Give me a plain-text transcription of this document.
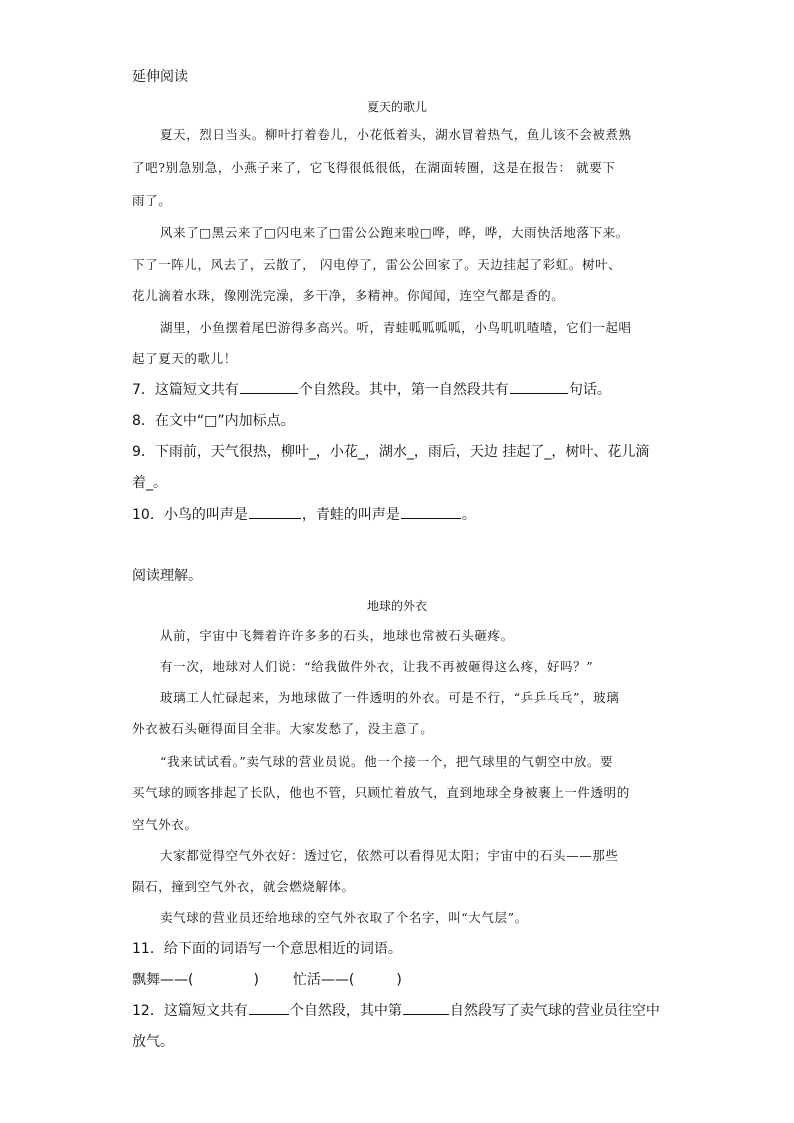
延伸阅读
夏天的歌儿
夏天，烈日当头。柳叶打着卷儿，小花低着头，湖水冒着热气，鱼儿该不会被煮熟
了吧?别急别急，小燕子来了，它飞得很低很低，在湖面转圈，这是在报告： 就要下
雨了。
风来了□黑云来了□闪电来了□雷公公跑来啦□哗，哗，哗，大雨快活地落下来。
下了一阵儿，风去了，云散了， 闪电停了，雷公公回家了。天边挂起了彩虹。树叶、
花儿滴着水珠，像刚洗完澡，多干净，多精神。你闻闻，连空气都是香的。
湖里，小鱼摆着尾巴游得多高兴。听，青蛙呱呱呱呱，小鸟叽叽喳喳，它们一起唱
起了夏天的歌儿！
7．这篇短文共有	个自然段。其中，第一自然段共有	句话。
8．在文中“□”内加标点。
9．下雨前，天气很热，柳叶_，小花_，湖水_，雨后，天边 挂起了_，树叶、花儿滴
着_。
10．小鸟的叫声是	，青蛙的叫声是	。
阅读理解。
地球的外衣
从前，宇宙中飞舞着许许多多的石头，地球也常被石头砸疼。
有一次，地球对人们说：“给我做件外衣，让我不再被砸得这么疼，好吗？”
玻璃工人忙碌起来，为地球做了一件透明的外衣。可是不行，“乒乒乓乓”，玻璃
外衣被石头砸得面目全非。大家发愁了，没主意了。
“我来试试看。”卖气球的营业员说。他一个接一个，把气球里的气朝空中放。要
买气球的顾客排起了长队，他也不管，只顾忙着放气，直到地球全身被裹上一件透明的
空气外衣。
大家都觉得空气外衣好：透过它，依然可以看得见太阳；宇宙中的石头——那些
陨石，撞到空气外衣，就会燃烧解体。
卖气球的营业员还给地球的空气外衣取了个名字，叫“大气层”。
11．给下面的词语写一个意思相近的词语。
飘舞——(	) 忙活——(	)
12．这篇短文共有	个自然段，其中第	自然段写了卖气球的营业员往空中
放气。
